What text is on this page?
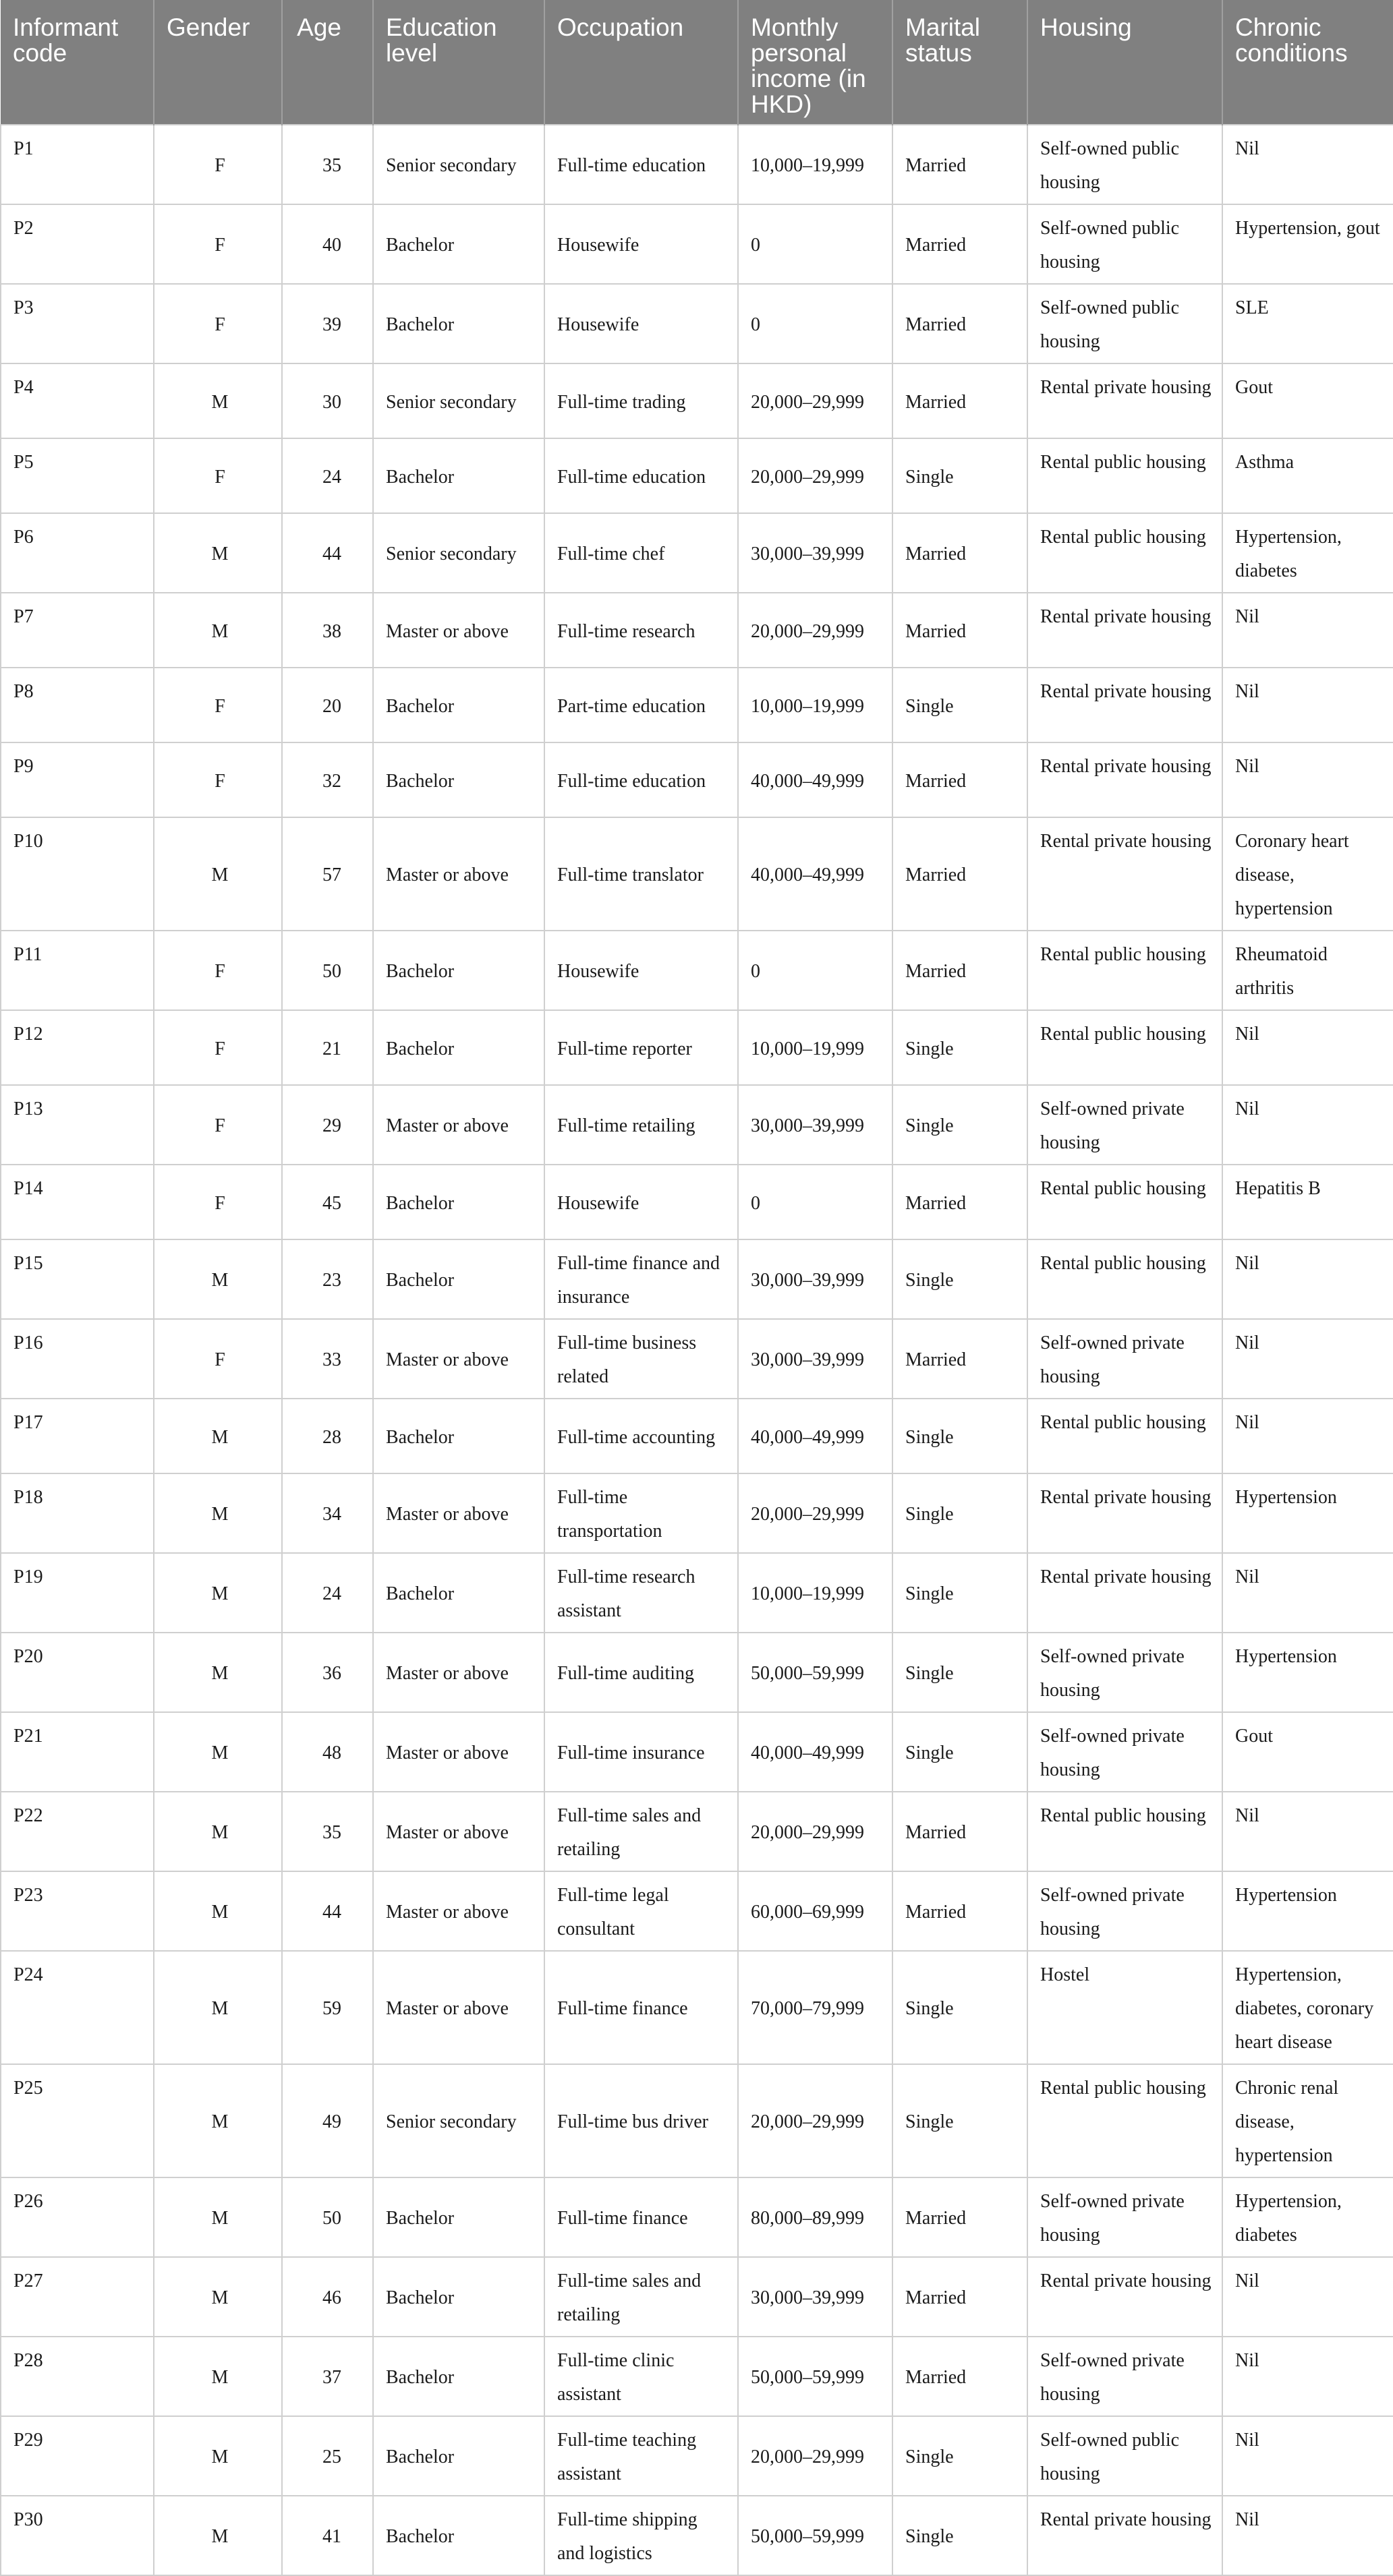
Informant code	Gender	Age	Education level	Occupation	Monthly personal income (in HKD)	Marital status	Housing	Chronic conditions
P1	F	35	Senior secondary	Full-time education	10,000–19,999	Married	Self-owned public housing	Nil
P2	F	40	Bachelor	Housewife	0	Married	Self-owned public housing	Hypertension, gout
P3	F	39	Bachelor	Housewife	0	Married	Self-owned public housing	SLE
P4	M	30	Senior secondary	Full-time trading	20,000–29,999	Married	Rental private housing	Gout
P5	F	24	Bachelor	Full-time education	20,000–29,999	Single	Rental public housing	Asthma
P6	M	44	Senior secondary	Full-time chef	30,000–39,999	Married	Rental public housing	Hypertension, diabetes
P7	M	38	Master or above	Full-time research	20,000–29,999	Married	Rental private housing	Nil
P8	F	20	Bachelor	Part-time education	10,000–19,999	Single	Rental private housing	Nil
P9	F	32	Bachelor	Full-time education	40,000–49,999	Married	Rental private housing	Nil
P10	M	57	Master or above	Full-time translator	40,000–49,999	Married	Rental private housing	Coronary heart disease, hypertension
P11	F	50	Bachelor	Housewife	0	Married	Rental public housing	Rheumatoid arthritis
P12	F	21	Bachelor	Full-time reporter	10,000–19,999	Single	Rental public housing	Nil
P13	F	29	Master or above	Full-time retailing	30,000–39,999	Single	Self-owned private housing	Nil
P14	F	45	Bachelor	Housewife	0	Married	Rental public housing	Hepatitis B
P15	M	23	Bachelor	Full-time finance and insurance	30,000–39,999	Single	Rental public housing	Nil
P16	F	33	Master or above	Full-time business related	30,000–39,999	Married	Self-owned private housing	Nil
P17	M	28	Bachelor	Full-time accounting	40,000–49,999	Single	Rental public housing	Nil
P18	M	34	Master or above	Full-time transportation	20,000–29,999	Single	Rental private housing	Hypertension
P19	M	24	Bachelor	Full-time research assistant	10,000–19,999	Single	Rental private housing	Nil
P20	M	36	Master or above	Full-time auditing	50,000–59,999	Single	Self-owned private housing	Hypertension
P21	M	48	Master or above	Full-time insurance	40,000–49,999	Single	Self-owned private housing	Gout
P22	M	35	Master or above	Full-time sales and retailing	20,000–29,999	Married	Rental public housing	Nil
P23	M	44	Master or above	Full-time legal consultant	60,000–69,999	Married	Self-owned private housing	Hypertension
P24	M	59	Master or above	Full-time finance	70,000–79,999	Single	Hostel	Hypertension, diabetes, coronary heart disease
P25	M	49	Senior secondary	Full-time bus driver	20,000–29,999	Single	Rental public housing	Chronic renal disease, hypertension
P26	M	50	Bachelor	Full-time finance	80,000–89,999	Married	Self-owned private housing	Hypertension, diabetes
P27	M	46	Bachelor	Full-time sales and retailing	30,000–39,999	Married	Rental private housing	Nil
P28	M	37	Bachelor	Full-time clinic assistant	50,000–59,999	Married	Self-owned private housing	Nil
P29	M	25	Bachelor	Full-time teaching assistant	20,000–29,999	Single	Self-owned public housing	Nil
P30	M	41	Bachelor	Full-time shipping and logistics	50,000–59,999	Single	Rental private housing	Nil
